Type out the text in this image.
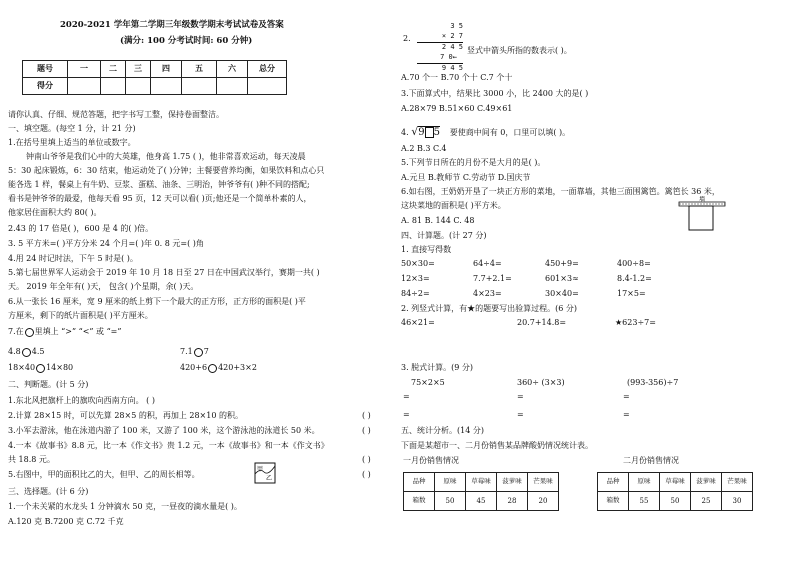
2020-2021 学年第二学期三年级数学期末考试试卷及答案
(满分: 100 分考试时间: 60 分钟)
题号	一	二	三	四	五	六	总分
得分							
请你认真、仔细、规范答题，把字书写工整，保持卷面整洁。
一、填空题。(每空 1 分，计 21 分)
1.在括号里填上适当的单位或数字。
钟南山爷爷是我们心中的大英雄，他身高 1.75 ( )，他非常喜欢运动，每天凌晨
5：30 起床锻炼，6：30 结束，他运动处了( )分钟；主餐要营养均衡，如果饮料和点心只
能各选 1 样，餐桌上有牛奶、豆浆、蛋糕、油条、三明治，钟爷爷有( )种不同的搭配;
看书是钟爷爷的最爱，他每天看 95 页，12 天可以看( )页;他还是一个简单朴素的人，
他家居住面积大约 80( )。
2.43 的 17 倍是( )，600 是 4 的( )倍。
3. 5 平方米=( )平方分米 24 个月=( )年 0. 8 元=( )角
4.用 24 时记时法，下午 5 时是( )。
5.第七届世界军人运动会于 2019 年 10 月 18 日至 27 日在中国武汉举行，赛期一共( )
天。 2019 年全年有( )天， 包含( )个星期，余( )天。
6.从一张长 16 厘米，宽 9 厘米的纸上剪下一个最大的正方形，正方形的面积是( )平
方厘米，剩下的纸片面积是( )平方厘米。
7.在 里填上 “>” “<” 或 “=”
4.8 4.5	7.1 7
18×40 14×80	420+6 420+3×2
二、判断题。(计 5 分)
1.东北风把旗杆上的旗吹向西南方向。 ( )
2.计算 28×15 时，可以先算 28×5 的积，再加上 28×10 的积。	( )
3.小军去游泳，他在泳道内游了 100 米，又游了 100 米，这个游泳池的泳道长 50 米。	( )
4.一本《故事书》8.8 元，比一本《作文书》贵 1.2 元，一本《故事书》和一本《作文书》
共 18.8 元。	( )
5.右图中，甲的面积比乙的大，但甲、乙的周长相等。	( )
甲
乙
三、选择题。(计 6 分)
1.一个未关紧的水龙头 1 分钟滴水 50 克，一昼夜的滴水量是( )。
A.120 克 B.7200 克 C.72 千克
2.
3 5
× 2 7
2 4 5
7 0←
9 4 5
竖式中箭头所指的数表示( )。
A.70 个一 B.70 个十 C.7 个十
3.下面算式中，结果比 3000 小，比 2400 大的是( )
A.28×79 B.51×60 C.49×61
4. √9 5 要使商中间有 0，口里可以填( )。
A.2 B.3 C.4
5.下列节日所在的月份不是大月的是( )。
A.元旦 B.教师节 C.劳动节 D.国庆节
6.如右图，王奶奶开垦了一块正方形的菜地，一面靠墙，其他三面围篱笆。篱笆长 36 米，
这块菜地的面积是( )平方米。
墙
A. 81 B. 144 C. 48
四、计算题。(计 27 分)
1. 直接写得数
50×30=	64÷4=	450+9=	400÷8=
12×3=	7.7+2.1=	601×3≈	8.4-1.2=
84÷2=	4×23=	30×40=	17×5=
2. 列竖式计算，有★的题要写出验算过程。(6 分)
46×21=	20.7+14.8=	★623÷7=
3. 脱式计算。(9 分)
75×2×5	360÷ (3×3)	(993-356)÷7
=	=	=
=	=	=
五、统计分析。(14 分)
下面是某超市一、二月份销售某品牌酸奶情况统计表。
一月份销售情况	二月份销售情况
品种	原味	草莓味	菠萝味	芒果味
箱数	50	45	28	20
品种	原味	草莓味	菠萝味	芒果味
箱数	55	50	25	30
